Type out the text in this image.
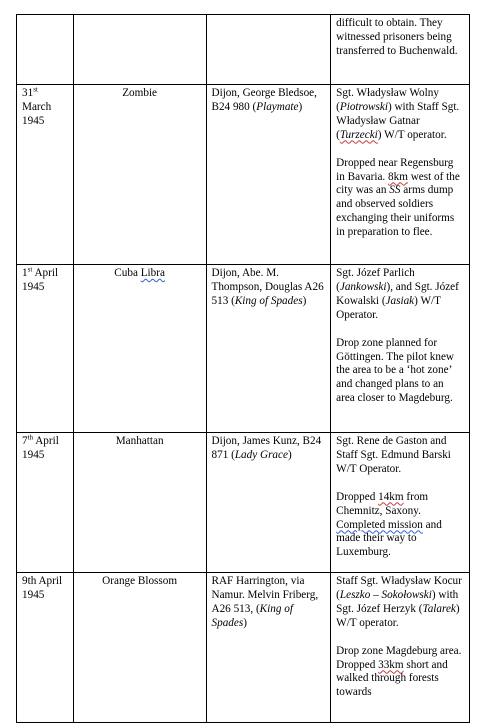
			difficult to obtain. They witnessed prisoners being transferred to Buchenwald.

31st March 1945	Zombie	Dijon, George Bledsoe, B24 980 (Playmate)	Sgt. Władysław Wolny (Piotrowski) with Staff Sgt. Władysław Gatnar (Turzecki) W/T operator.

Dropped near Regensburg in Bavaria. 8km west of the city was an SS arms dump and observed soldiers exchanging their uniforms in preparation to flee.

1st April 1945	Cuba Libra	Dijon, Abe. M. Thompson, Douglas A26 513 (King of Spades)	Sgt. Józef Parlich (Jankowski), and Sgt. Józef Kowalski (Jasiak) W/T Operator.

Drop zone planned for Göttingen. The pilot knew the area to be a ‘hot zone’ and changed plans to an area closer to Magdeburg.

7th April 1945	Manhattan	Dijon, James Kunz, B24 871 (Lady Grace)	Sgt. Rene de Gaston and Staff Sgt. Edmund Barski W/T Operator.

Dropped 14km from Chemnitz, Saxony. Completed mission and made their way to Luxemburg.

9th April 1945	Orange Blossom	RAF Harrington, via Namur. Melvin Friberg, A26 513, (King of Spades)	Staff Sgt. Władysław Kocur (Leszko – Sokołowski) with Sgt. Józef Herzyk (Talarek) W/T operator.

Drop zone Magdeburg area. Dropped 33km short and walked through forests towards
